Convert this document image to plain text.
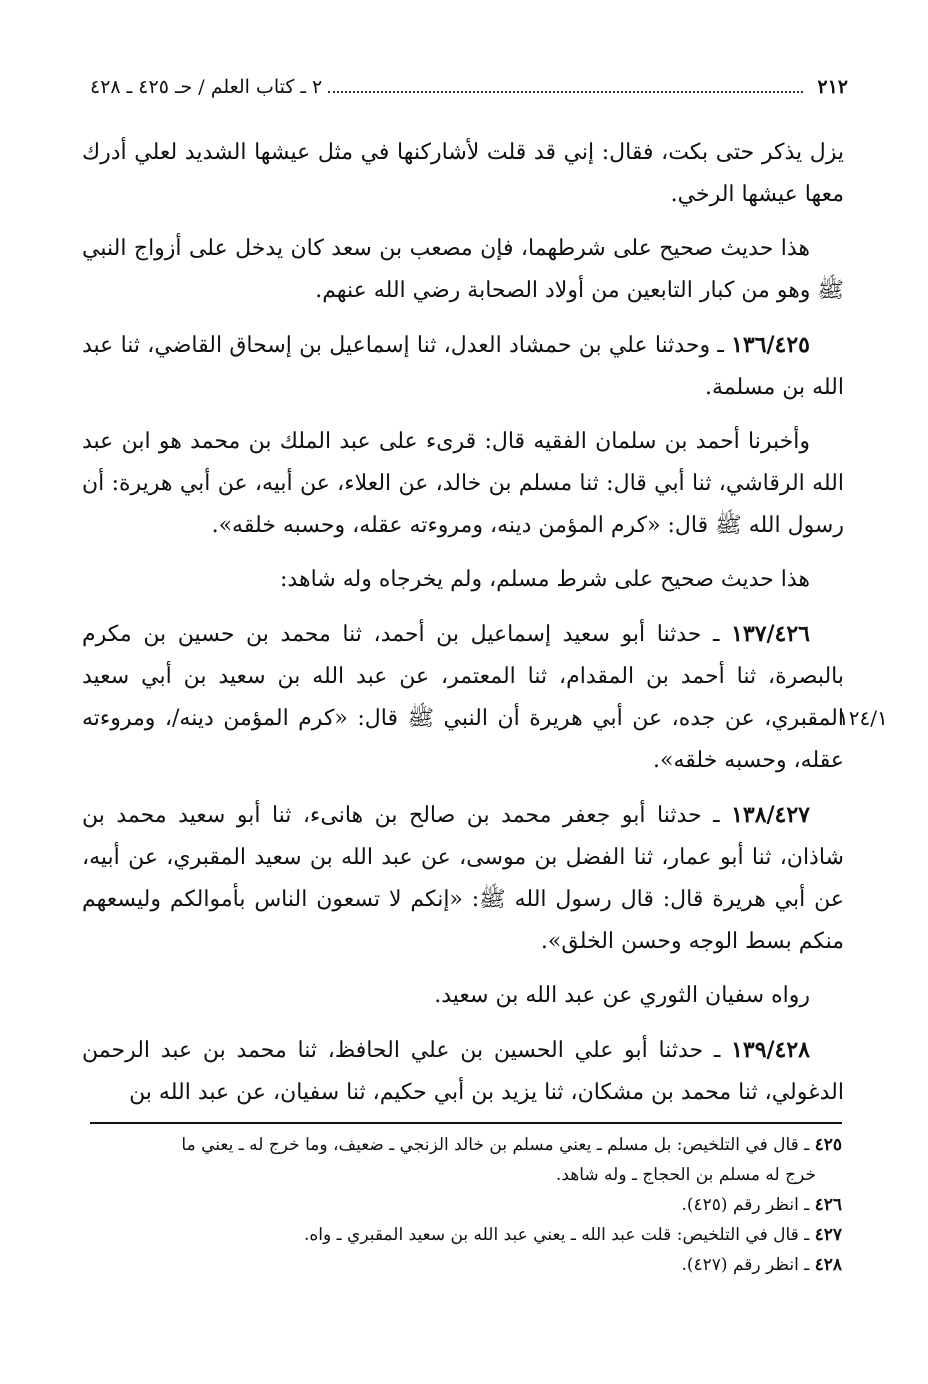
٢١٢
٢ ـ كتاب العلم / حـ ٤٢٥ ـ ٤٢٨

يزل يذكر حتى بكت، فقال: إني قد قلت لأشاركنها في مثل عيشها الشديد لعلي أدرك معها عيشها الرخي.

هذا حديث صحيح على شرطهما، فإن مصعب بن سعد كان يدخل على أزواج النبي ﷺ وهو من كبار التابعين من أولاد الصحابة رضي الله عنهم.

١٣٦/٤٢٥ ـ وحدثنا علي بن حمشاد العدل، ثنا إسماعيل بن إسحاق القاضي، ثنا عبد الله بن مسلمة.

وأخبرنا أحمد بن سلمان الفقيه قال: قرىء على عبد الملك بن محمد هو ابن عبد الله الرقاشي، ثنا أبي قال: ثنا مسلم بن خالد، عن العلاء، عن أبيه، عن أبي هريرة: أن رسول الله ﷺ قال: «كرم المؤمن دينه، ومروءته عقله، وحسبه خلقه».

هذا حديث صحيح على شرط مسلم، ولم يخرجاه وله شاهد:

١٣٧/٤٢٦ ـ حدثنا أبو سعيد إسماعيل بن أحمد، ثنا محمد بن حسين بن مكرم بالبصرة، ثنا أحمد بن المقدام، ثنا المعتمر، عن عبد الله بن سعيد بن أبي سعيد المقبري، عن جده، عن أبي هريرة أن النبي ﷺ قال: «كرم المؤمن دينه/، ومروءته عقله، وحسبه خلقه».

١٣٨/٤٢٧ ـ حدثنا أبو جعفر محمد بن صالح بن هانىء، ثنا أبو سعيد محمد بن شاذان، ثنا أبو عمار، ثنا الفضل بن موسى، عن عبد الله بن سعيد المقبري، عن أبيه، عن أبي هريرة قال: قال رسول الله ﷺ: «إنكم لا تسعون الناس بأموالكم وليسعهم منكم بسط الوجه وحسن الخلق».

رواه سفيان الثوري عن عبد الله بن سعيد.

١٣٩/٤٢٨ ـ حدثنا أبو علي الحسين بن علي الحافظ، ثنا محمد بن عبد الرحمن الدغولي، ثنا محمد بن مشكان، ثنا يزيد بن أبي حكيم، ثنا سفيان، عن عبد الله بن

١٢٤/١

٤٢٥ ـ قال في التلخيص: بل مسلم ـ يعني مسلم بن خالد الزنجي ـ ضعيف، وما خرج له ـ يعني ما

خرج له مسلم بن الحجاج ـ وله شاهد.

٤٢٦ ـ انظر رقم (٤٢٥).

٤٢٧ ـ قال في التلخيص: قلت عبد الله ـ يعني عبد الله بن سعيد المقبري ـ واه.

٤٢٨ ـ انظر رقم (٤٢٧).
